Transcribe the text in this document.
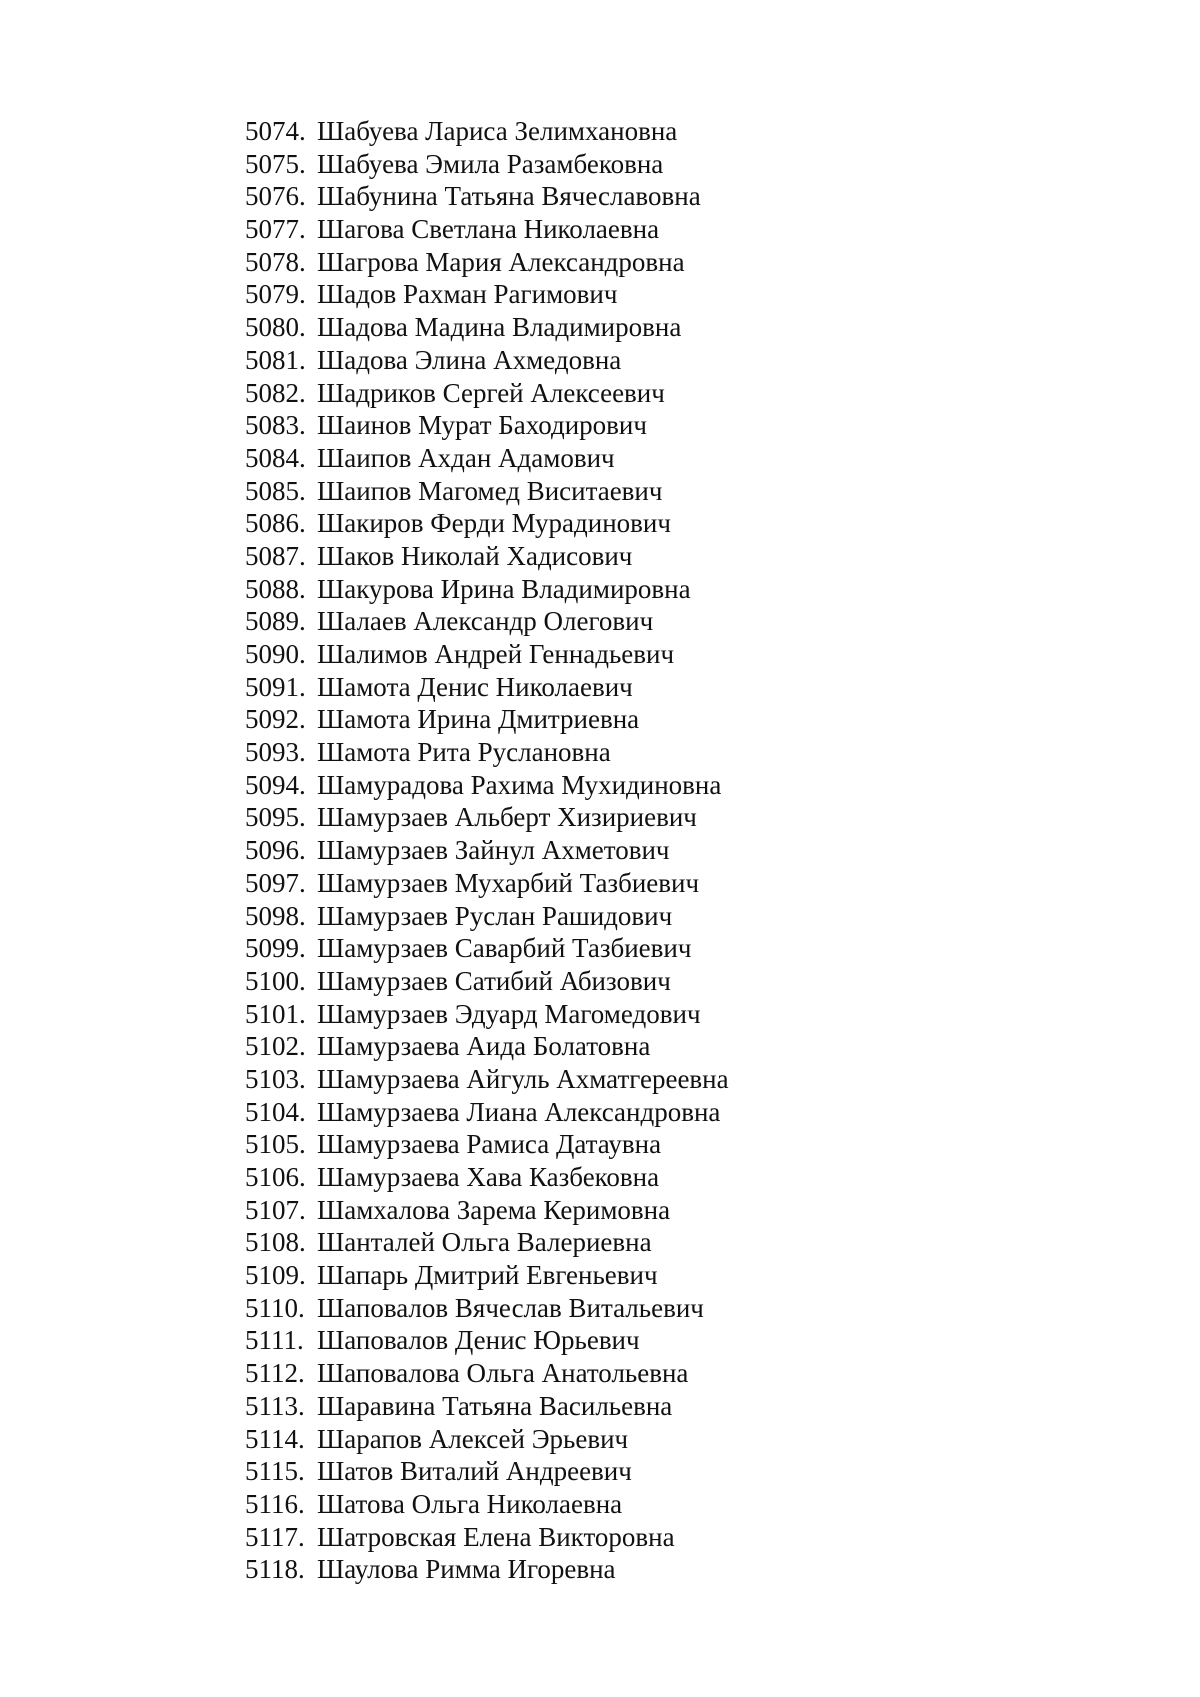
5074. Шабуева Лариса Зелимхановна
5075. Шабуева Эмила Разамбековна
5076. Шабунина Татьяна Вячеславовна
5077. Шагова Светлана Николаевна
5078. Шагрова Мария Александровна
5079. Шадов Рахман Рагимович
5080. Шадова Мадина Владимировна
5081. Шадова Элина Ахмедовна
5082. Шадриков Сергей Алексеевич
5083. Шаинов Мурат Баходирович
5084. Шаипов Ахдан Адамович
5085. Шаипов Магомед Виситаевич
5086. Шакиров Ферди Мурадинович
5087. Шаков Николай Хадисович
5088. Шакурова Ирина Владимировна
5089. Шалаев Александр Олегович
5090. Шалимов Андрей Геннадьевич
5091. Шамота Денис Николаевич
5092. Шамота Ирина Дмитриевна
5093. Шамота Рита Руслановна
5094. Шамурадова Рахима Мухидиновна
5095. Шамурзаев Альберт Хизириевич
5096. Шамурзаев Зайнул Ахметович
5097. Шамурзаев Мухарбий Тазбиевич
5098. Шамурзаев Руслан Рашидович
5099. Шамурзаев Саварбий Тазбиевич
5100. Шамурзаев Сатибий Абизович
5101. Шамурзаев Эдуард Магомедович
5102. Шамурзаева Аида Болатовна
5103. Шамурзаева Айгуль Ахматгереевна
5104. Шамурзаева Лиана Александровна
5105. Шамурзаева Рамиса Датаувна
5106. Шамурзаева Хава Казбековна
5107. Шамхалова Зарема Керимовна
5108. Шанталей Ольга Валериевна
5109. Шапарь Дмитрий Евгеньевич
5110. Шаповалов Вячеслав Витальевич
5111. Шаповалов Денис Юрьевич
5112. Шаповалова Ольга Анатольевна
5113. Шаравина Татьяна Васильевна
5114. Шарапов Алексей Эрьевич
5115. Шатов Виталий Андреевич
5116. Шатова Ольга Николаевна
5117. Шатровская Елена Викторовна
5118. Шаулова Римма Игоревна
